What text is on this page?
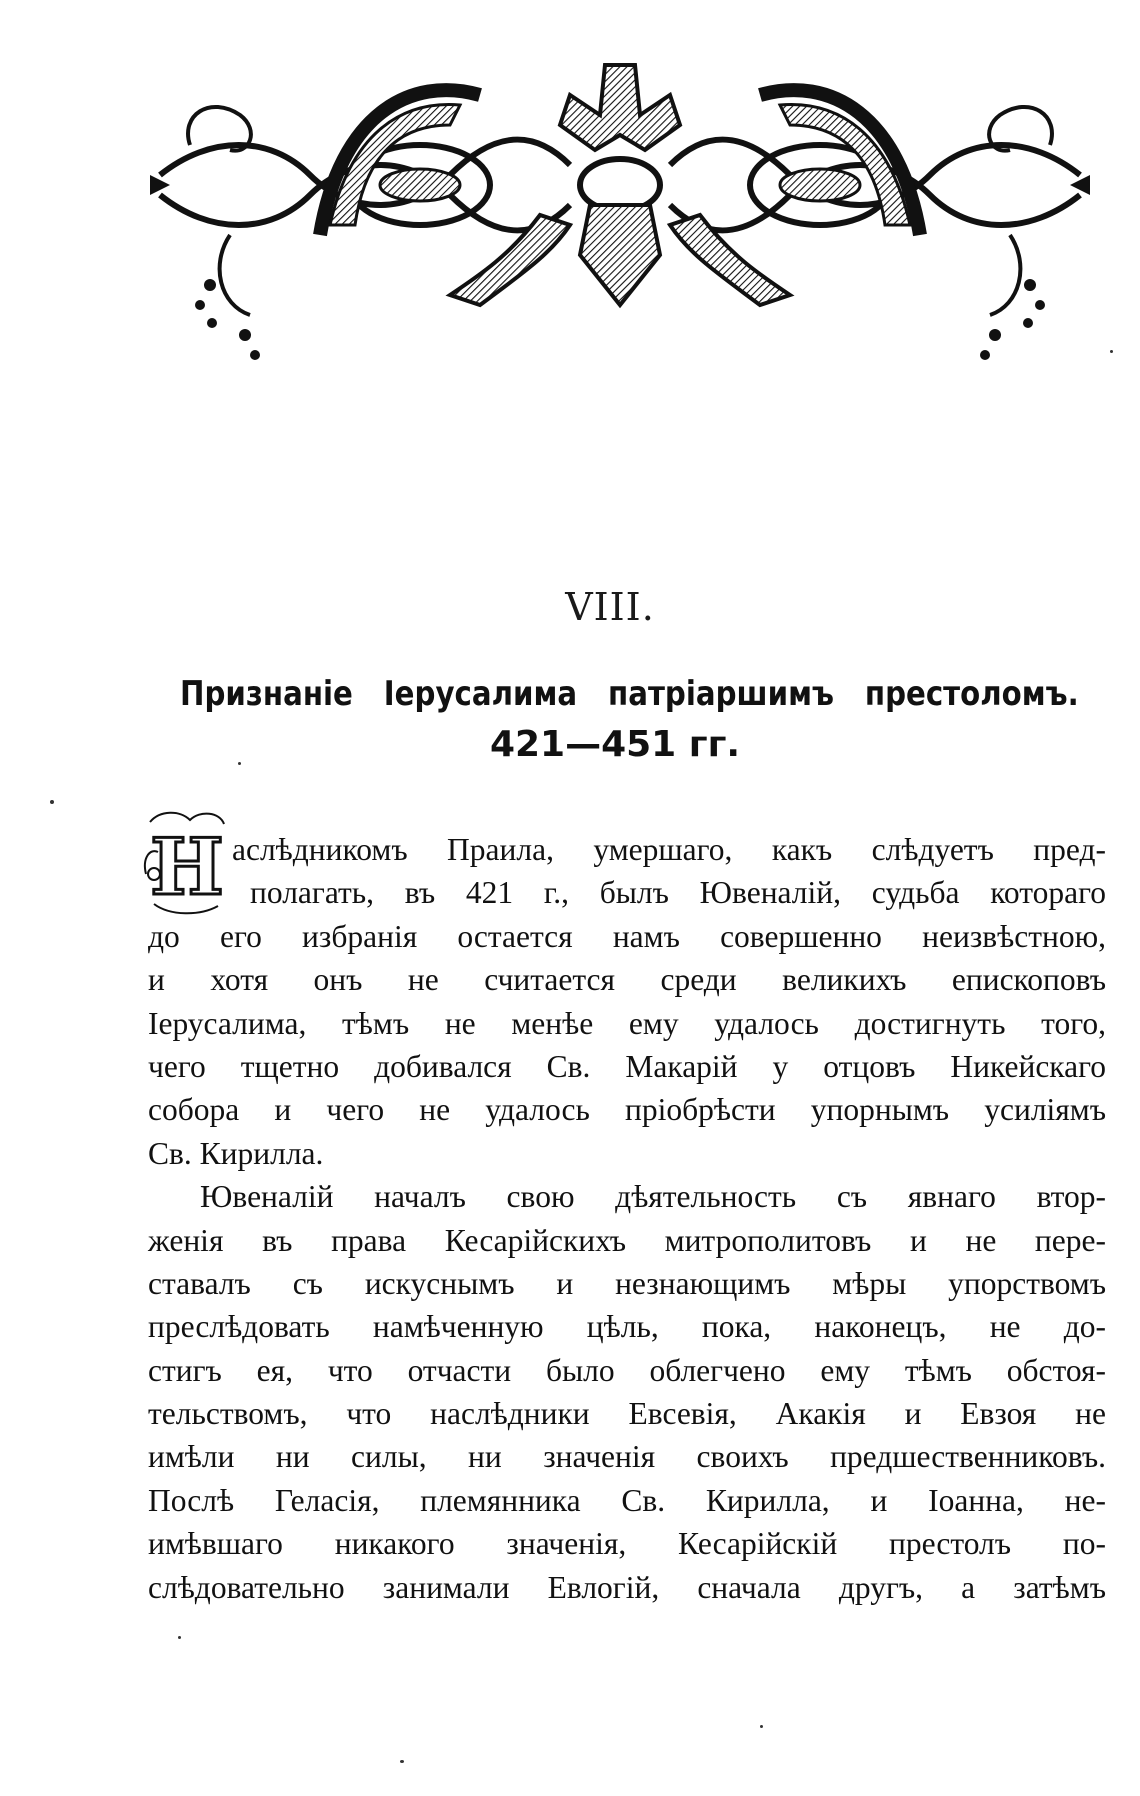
VIII.
Признаніе Іерусалима патріаршимъ престоломъ.
421—451 гг.
Н аслѣдникомъ Праила, умершаго, какъ слѣдуетъ пред-
полагать, въ 421 г., былъ Ювеналій, судьба котораго
до его избранія остается намъ совершенно неизвѣстною,
и хотя онъ не считается среди великихъ епископовъ
Іерусалима, тѣмъ не менѣе ему удалось достигнуть того,
чего тщетно добивался Св. Макарій у отцовъ Никейскаго
собора и чего не удалось пріобрѣсти упорнымъ усиліямъ
Св. Кирилла.
Ювеналій началъ свою дѣятельность съ явнаго втор-
женія въ права Кесарійскихъ митрополитовъ и не пере-
ставалъ съ искуснымъ и незнающимъ мѣры упорствомъ
преслѣдовать намѣченную цѣль, пока, наконецъ, не до-
стигъ ея, что отчасти было облегчено ему тѣмъ обстоя-
тельствомъ, что наслѣдники Евсевія, Акакія и Евзоя не
имѣли ни силы, ни значенія своихъ предшественниковъ.
Послѣ Геласія, племянника Св. Кирилла, и Іоанна, не-
имѣвшаго никакого значенія, Кесарійскій престолъ по-
слѣдовательно занимали Евлогій, сначала другъ, а затѣмъ
